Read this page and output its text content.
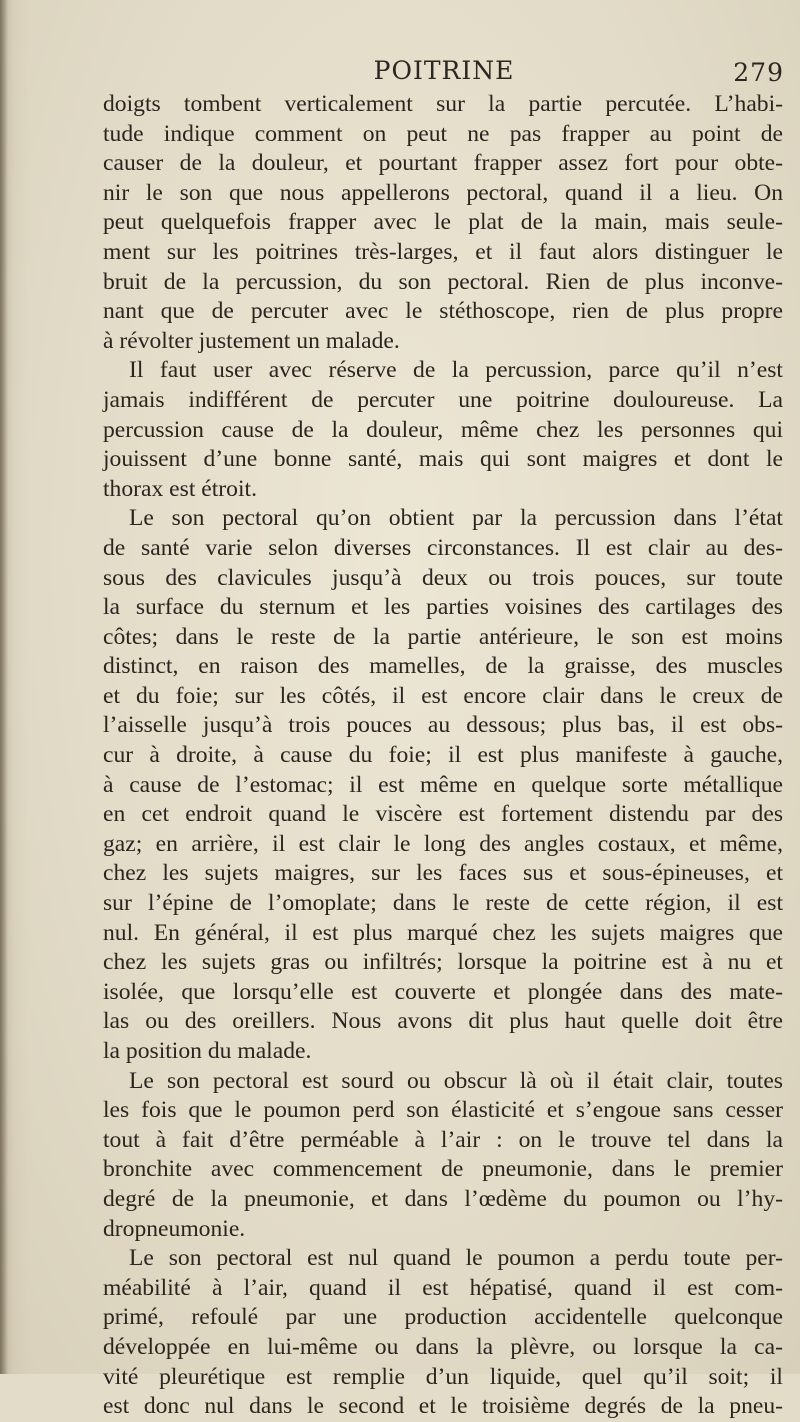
POITRINE	279
doigts tombent verticalement sur la partie percutée. L’habi-
tude indique comment on peut ne pas frapper au point de
causer de la douleur, et pourtant frapper assez fort pour obte-
nir le son que nous appellerons pectoral, quand il a lieu. On
peut quelquefois frapper avec le plat de la main, mais seule-
ment sur les poitrines très-larges, et il faut alors distinguer le
bruit de la percussion, du son pectoral. Rien de plus inconve-
nant que de percuter avec le stéthoscope, rien de plus propre
à révolter justement un malade.
Il faut user avec réserve de la percussion, parce qu’il n’est
jamais indifférent de percuter une poitrine douloureuse. La
percussion cause de la douleur, même chez les personnes qui
jouissent d’une bonne santé, mais qui sont maigres et dont le
thorax est étroit.
Le son pectoral qu’on obtient par la percussion dans l’état
de santé varie selon diverses circonstances. Il est clair au des-
sous des clavicules jusqu’à deux ou trois pouces, sur toute
la surface du sternum et les parties voisines des cartilages des
côtes; dans le reste de la partie antérieure, le son est moins
distinct, en raison des mamelles, de la graisse, des muscles
et du foie; sur les côtés, il est encore clair dans le creux de
l’aisselle jusqu’à trois pouces au dessous; plus bas, il est obs-
cur à droite, à cause du foie; il est plus manifeste à gauche,
à cause de l’estomac; il est même en quelque sorte métallique
en cet endroit quand le viscère est fortement distendu par des
gaz; en arrière, il est clair le long des angles costaux, et même,
chez les sujets maigres, sur les faces sus et sous-épineuses, et
sur l’épine de l’omoplate; dans le reste de cette région, il est
nul. En général, il est plus marqué chez les sujets maigres que
chez les sujets gras ou infiltrés; lorsque la poitrine est à nu et
isolée, que lorsqu’elle est couverte et plongée dans des mate-
las ou des oreillers. Nous avons dit plus haut quelle doit être
la position du malade.
Le son pectoral est sourd ou obscur là où il était clair, toutes
les fois que le poumon perd son élasticité et s’engoue sans cesser
tout à fait d’être perméable à l’air : on le trouve tel dans la
bronchite avec commencement de pneumonie, dans le premier
degré de la pneumonie, et dans l’œdème du poumon ou l’hy-
dropneumonie.
Le son pectoral est nul quand le poumon a perdu toute per-
méabilité à l’air, quand il est hépatisé, quand il est com-
primé, refoulé par une production accidentelle quelconque
développée en lui-même ou dans la plèvre, ou lorsque la ca-
vité pleurétique est remplie d’un liquide, quel qu’il soit; il
est donc nul dans le second et le troisième degrés de la pneu-
